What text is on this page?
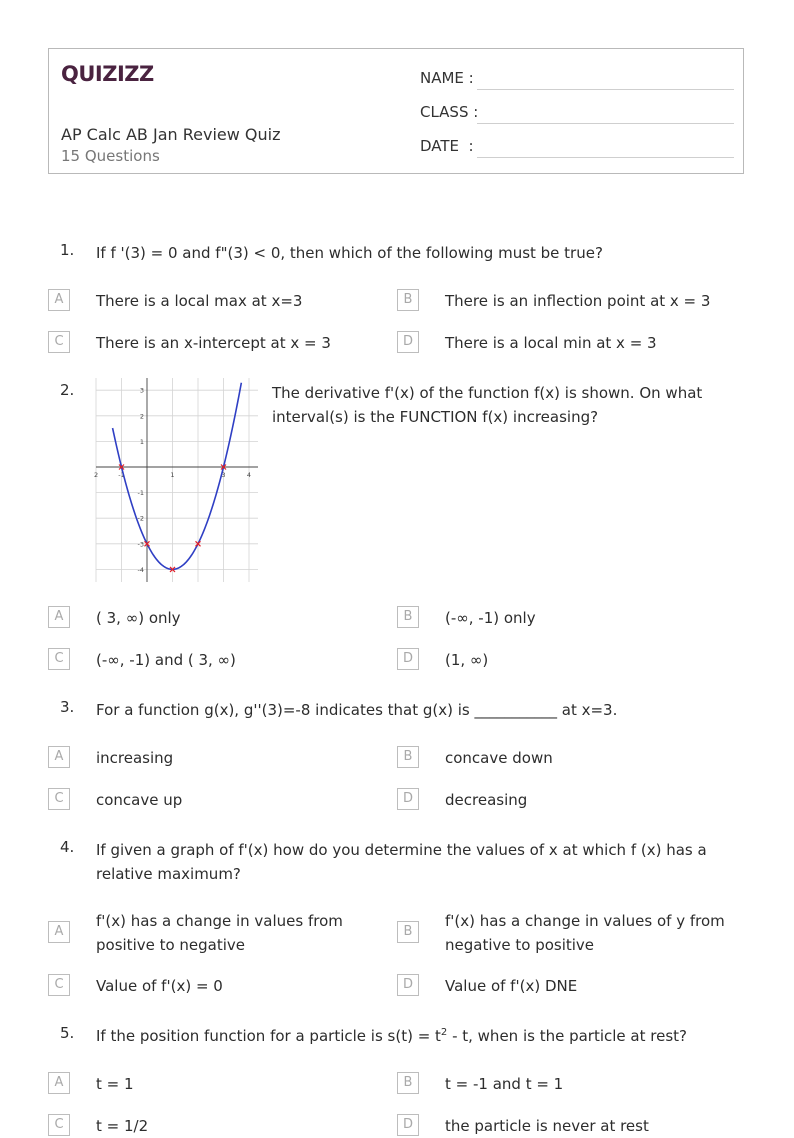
QUIZIZZ
AP Calc AB Jan Review Quiz
15 Questions
NAME :
CLASS :
DATE  :
1.	If f '(3) = 0 and f"(3) < 0, then which of the following must be true?
A	There is a local max at x=3	B	There is an inflection point at x = 3
C	There is an x-intercept at x = 3	D	There is a local min at x = 3
2.	The derivative f'(x) of the function f(x) is shown. On what interval(s) is the FUNCTION f(x) increasing?
2	-1	1	3	4
3
2
1
-1
-2
-3
-4
A	( 3, ∞) only	B	(-∞, -1) only
C	(-∞, -1) and ( 3, ∞)	D	(1, ∞)
3.	For a function g(x), g''(3)=-8 indicates that g(x) is ___________ at x=3.
A	increasing	B	concave down
C	concave up	D	decreasing
4.	If given a graph of f'(x) how do you determine the values of x at which f (x) has a relative maximum?
A
f'(x) has a change in values from positive to negative
B
f'(x) has a change in values of y from negative to positive
C	Value of f'(x) = 0	D	Value of f'(x) DNE
5.	If the position function for a particle is $s(t) = t^2 - t$, when is the particle at rest?
A	t = 1	B	t = -1 and t = 1
C	t = 1/2	D	the particle is never at rest
